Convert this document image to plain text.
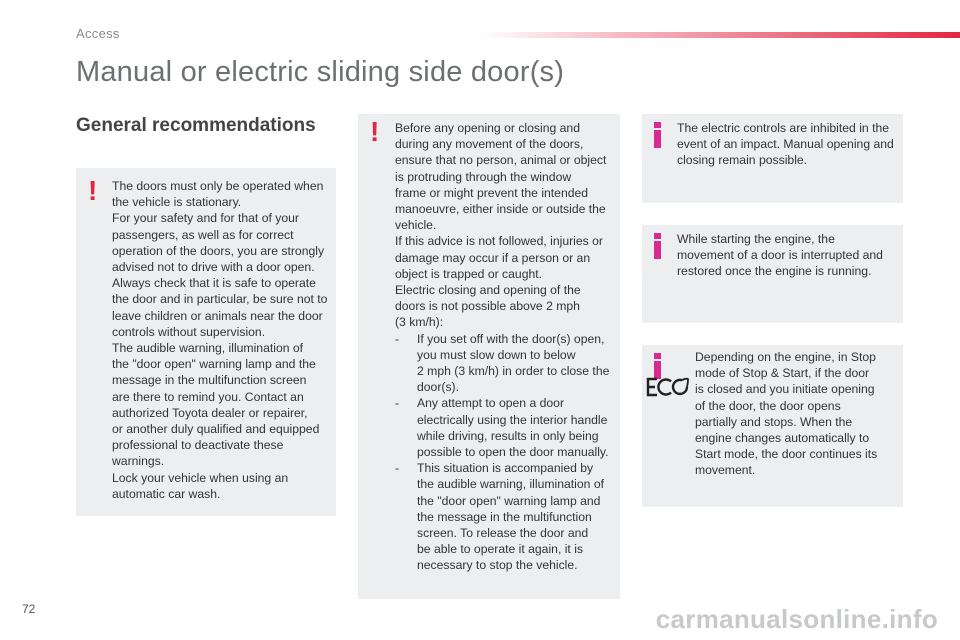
Access
Manual or electric sliding side door(s)
General recommendations
! The doors must only be operated when
the vehicle is stationary.
For your safety and for that of your
passengers, as well as for correct
operation of the doors, you are strongly
advised not to drive with a door open.
Always check that it is safe to operate
the door and in particular, be sure not to
leave children or animals near the door
controls without supervision.
The audible warning, illumination of
the "door open" warning lamp and the
message in the multifunction screen
are there to remind you. Contact an
authorized Toyota dealer or repairer,
or another duly qualified and equipped
professional to deactivate these
warnings.
Lock your vehicle when using an
automatic car wash.
! Before any opening or closing and
during any movement of the doors,
ensure that no person, animal or object
is protruding through the window
frame or might prevent the intended
manoeuvre, either inside or outside the
vehicle.
If this advice is not followed, injuries or
damage may occur if a person or an
object is trapped or caught.
Electric closing and opening of the
doors is not possible above 2 mph
(3 km/h):
- If you set off with the door(s) open,
you must slow down to below
2 mph (3 km/h) in order to close the
door(s).
- Any attempt to open a door
electrically using the interior handle
while driving, results in only being
possible to open the door manually.
- This situation is accompanied by
the audible warning, illumination of
the "door open" warning lamp and
the message in the multifunction
screen. To release the door and
be able to operate it again, it is
necessary to stop the vehicle.
The electric controls are inhibited in the
event of an impact. Manual opening and
closing remain possible.
While starting the engine, the
movement of a door is interrupted and
restored once the engine is running.
Depending on the engine, in Stop
mode of Stop & Start, if the door
is closed and you initiate opening
of the door, the door opens
partially and stops. When the
engine changes automatically to
Start mode, the door continues its
movement.
72	carmanualsonline.info
